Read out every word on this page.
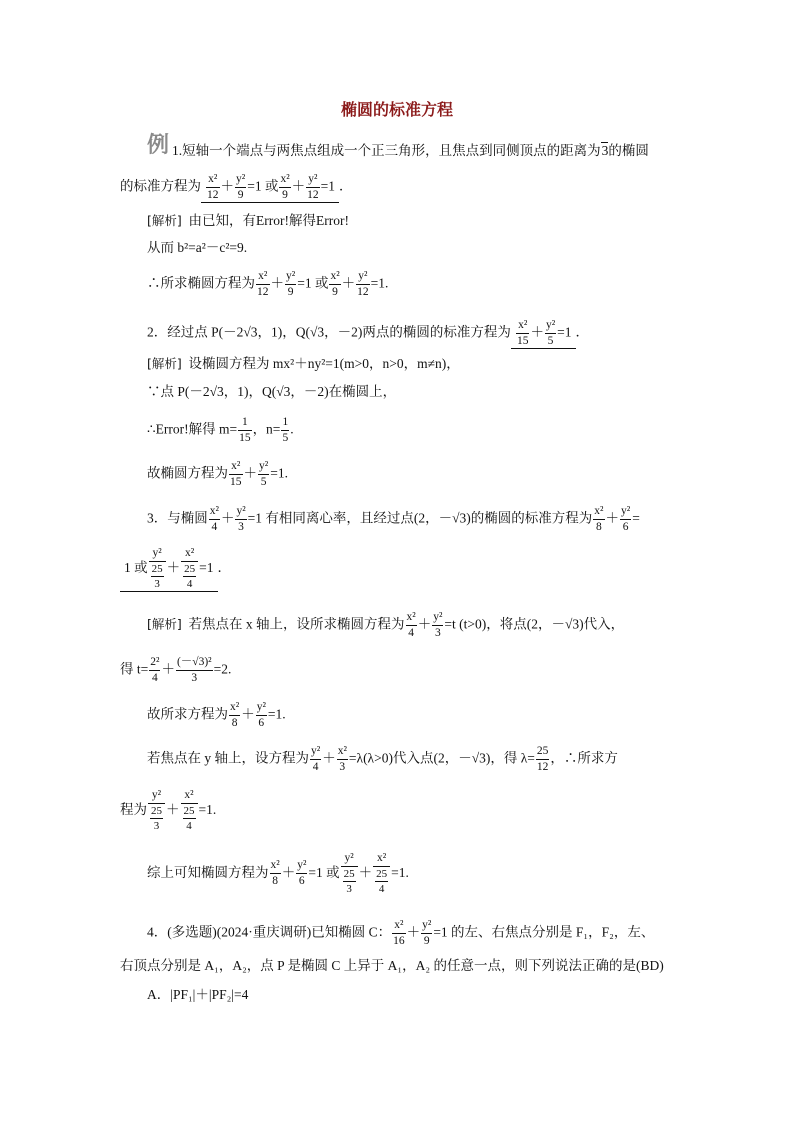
椭圆的标准方程
例 1.短轴一个端点与两焦点组成一个正三角形，且焦点到同侧顶点的距离为3的椭圆
的标准方程为 $\frac{\text{x²}}{12} + \frac{\text{y²}}{9} =1$ 或 $\frac{\text{x²}}{9} + \frac{\text{y²}}{12} =1$ ．
[解析] 由已知，有Error!解得Error!
从而 b²=a²－c²=9.
∴所求椭圆方程为 $\frac{\text{x²}}{12} + \frac{\text{y²}}{9} =1$ 或 $\frac{\text{x²}}{9} + \frac{\text{y²}}{12} =1$.
2．经过点 P(－2√3，1)，Q(√3，－2)两点的椭圆的标准方程为 $\frac{\text{x²}}{15} + \frac{\text{y²}}{5} =1$ ．
[解析] 设椭圆方程为 mx²＋ny²=1(m>0，n>0，m≠n)，
∵点 P(－2√3，1)，Q(√3，－2)在椭圆上，
∴Error!解得 $m= \frac{1}{15}$ ，$n= \frac{1}{5}$ .
故椭圆方程为 $\frac{\text{x²}}{15} + \frac{\text{y²}}{5} =1$.
3．与椭圆 $\frac{\text{x²}}{4} + \frac{\text{y²}}{3} =1$ 有相同离心率，且经过点(2，－√3)的椭圆的标准方程为 $\frac{\text{x²}}{8} + \frac{\text{y²}}{6}$ =
1 或 $\frac{\text{y²}}{\frac{25}{3}} + \frac{\text{x²}}{\frac{25}{4}} =1$ ．
[解析] 若焦点在 x 轴上，设所求椭圆方程为 $\frac{\text{x²}}{4} + \frac{\text{y²}}{3} =t$ (t>0)，将点(2，－√3)代入，
得 $t= \frac{\text{2²}}{4} + \frac{\text{(－√3)²}}{3} =2$.
故所求方程为 $\frac{\text{x²}}{8} + \frac{\text{y²}}{6} =1$.
若焦点在 y 轴上，设方程为 $\frac{\text{y²}}{4} + \frac{\text{x²}}{3} =\lambda(\lambda>0)$代入点(2，－√3)，得 $\lambda= \frac{25}{12}$ ，∴所求方
程为 $\frac{\text{y²}}{\frac{25}{3}} + \frac{\text{x²}}{\frac{25}{4}} =1$.
综上可知椭圆方程为 $\frac{\text{x²}}{8} + \frac{\text{y²}}{6} =1$ 或 $\frac{\text{y²}}{\frac{25}{3}} + \frac{\text{x²}}{\frac{25}{4}} =1$.
4．(多选题)(2024·重庆调研)已知椭圆 C： $\frac{\text{x²}}{16} + \frac{\text{y²}}{9} =1$ 的左、右焦点分别是 F₁，F₂，左、
右顶点分别是 A₁，A₂，点 P 是椭圆 C 上异于 A₁，A₂ 的任意一点，则下列说法正确的是(BD)
A．|PF₁|＋|PF₂|=4
